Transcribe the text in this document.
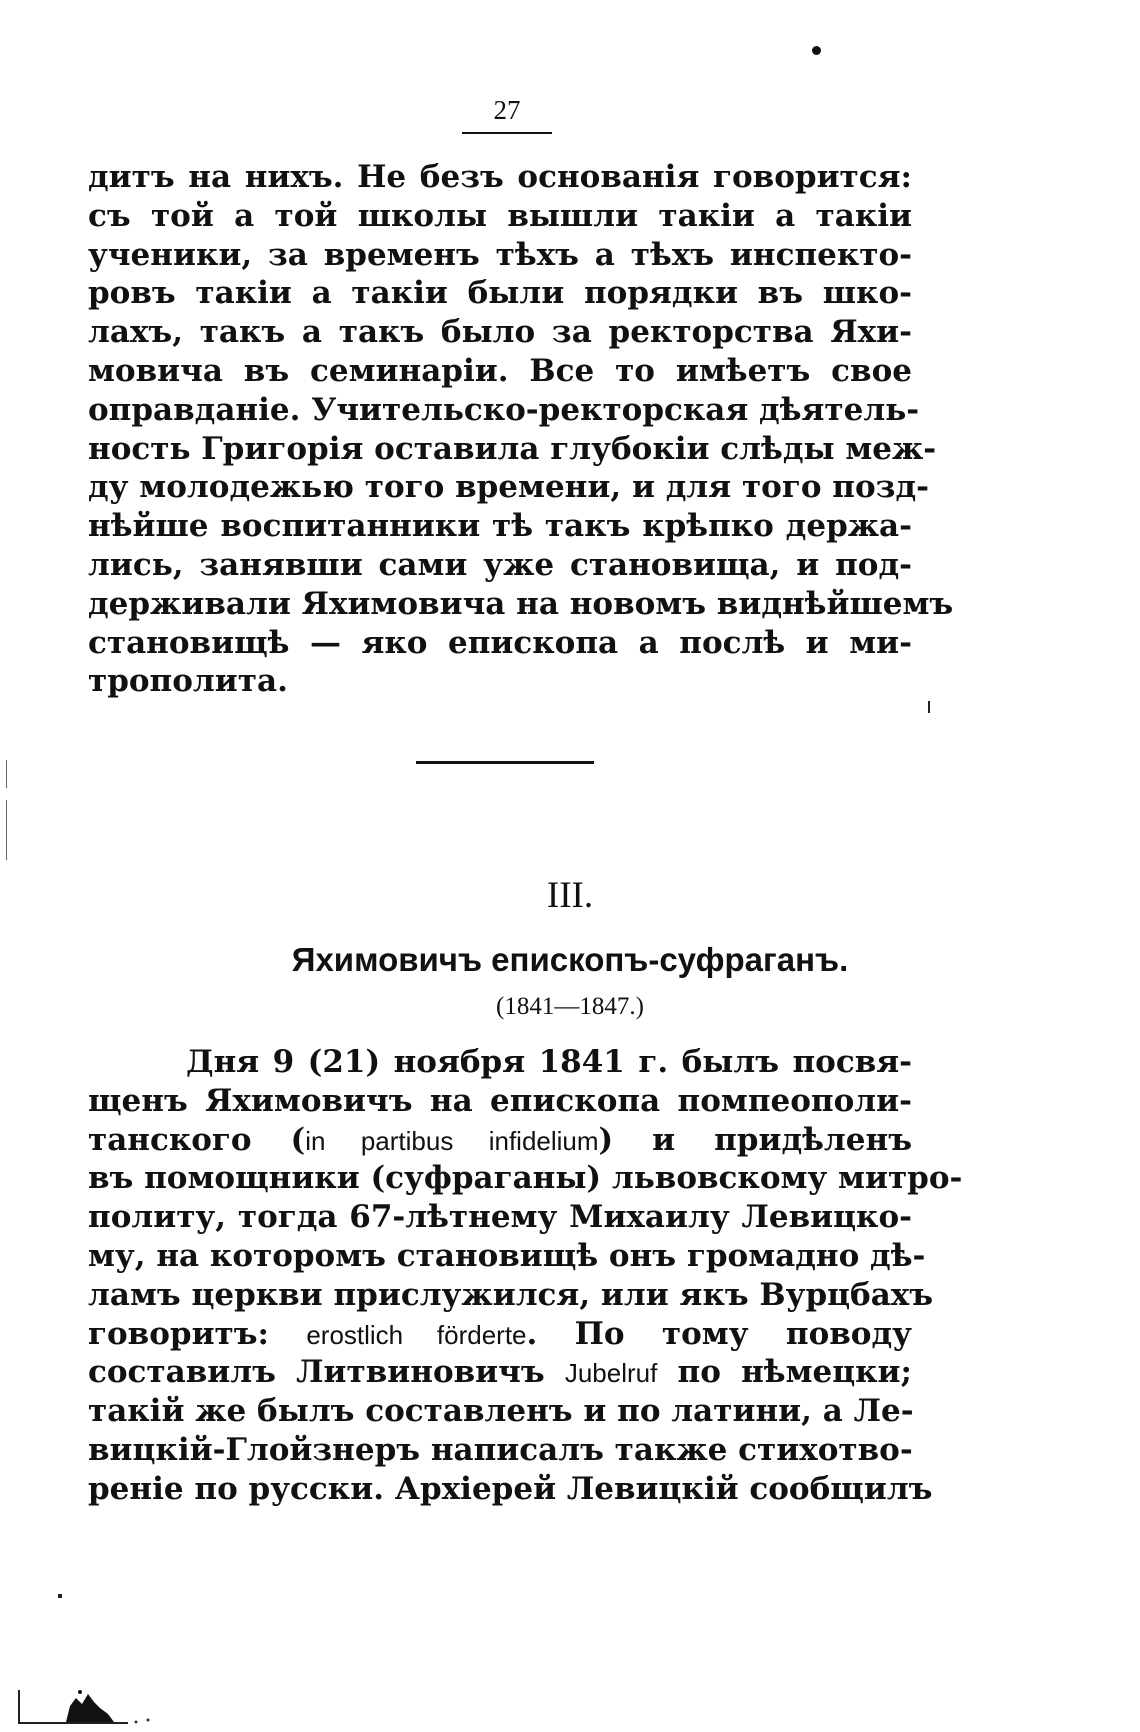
27
дитъ на нихъ. Не безъ основанія говорится:
съ той а той школы вышли такіи а такіи
ученики, за временъ тѣхъ а тѣхъ инспекто-
ровъ такіи а такіи были порядки въ шко-
лахъ, такъ а такъ было за ректорства Яхи-
мовича въ семинаріи. Все то имѣетъ свое
оправданіе. Учительско-ректорская дѣятель-
ность Григорія оставила глубокіи слѣды меж-
ду молодежью того времени, и для того позд-
нѣйше воспитанники тѣ такъ крѣпко держа-
лись, занявши сами уже становища, и под-
держивали Яхимовича на новомъ виднѣйшемъ
становищѣ — яко епископа а послѣ и ми-
трополита.
III.
Яхимовичъ епископъ-суфраганъ.
(1841—1847.)
Дня 9 (21) ноября 1841 г. былъ посвя-
щенъ Яхимовичъ на епископа помпеополи-
танского (in partibus infidelium) и придѣленъ
въ помощники (суфраганы) львовскому митро-
политу, тогда 67-лѣтнему Михаилу Левицко-
му, на которомъ становищѣ онъ громадно дѣ-
ламъ церкви прислужился, или якъ Вурцбахъ
говоритъ: erostlich förderte. По тому поводу
составилъ Литвиновичъ Jubelruf по нѣмецки;
такій же былъ составленъ и по латини, а Ле-
вицкій-Глойзнеръ написалъ также стихотво-
реніе по русски. Архіерей Левицкій сообщилъ
